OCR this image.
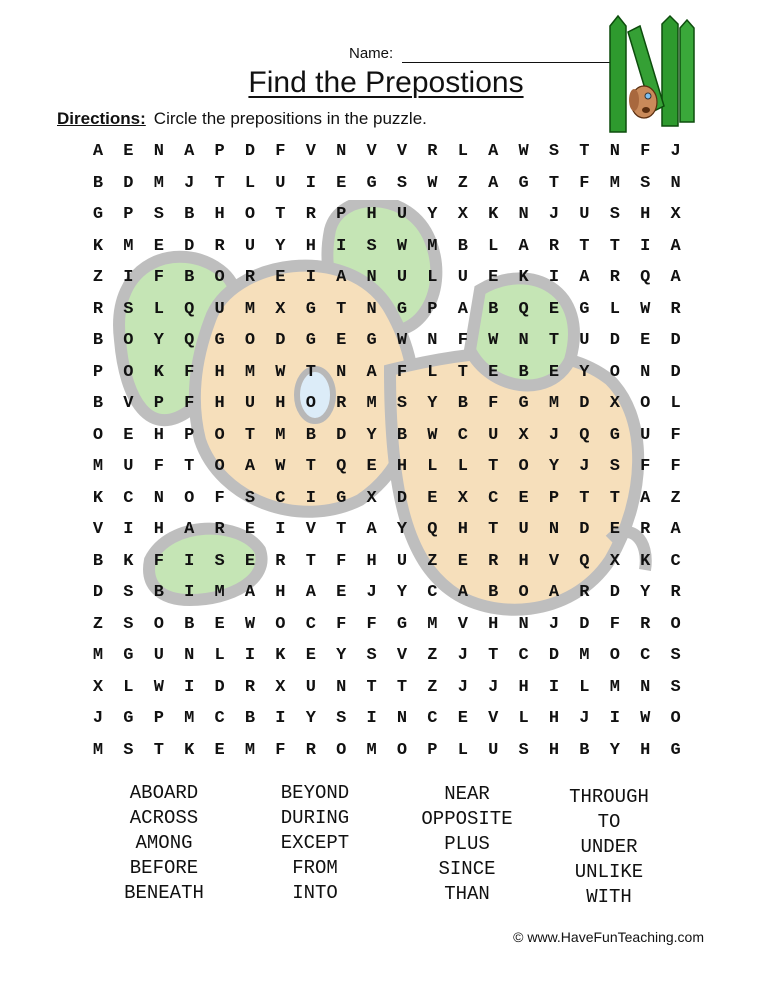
Name:
Find the Prepostions
Directions: Circle the prepositions in the puzzle.
A	E	N	A	P	D	F	V	N	V	V	R	L	A	W	S	T	N	F	J
B	D	M	J	T	L	U	I	E	G	S	W	Z	A	G	T	F	M	S	N
G	P	S	B	H	O	T	R	P	H	U	Y	X	K	N	J	U	S	H	X
K	M	E	D	R	U	Y	H	I	S	W	M	B	L	A	R	T	T	I	A
Z	I	F	B	O	R	E	I	A	N	U	L	U	E	K	I	A	R	Q	A
R	S	L	Q	U	M	X	G	T	N	G	P	A	B	Q	E	G	L	W	R
B	O	Y	Q	G	O	D	G	E	G	W	N	F	W	N	T	U	D	E	D
P	O	K	F	H	M	W	T	N	A	F	L	T	E	B	E	Y	O	N	D
B	V	P	F	H	U	H	O	R	M	S	Y	B	F	G	M	D	X	O	L
O	E	H	P	O	T	M	B	D	Y	B	W	C	U	X	J	Q	G	U	F
M	U	F	T	O	A	W	T	Q	E	H	L	L	T	O	Y	J	S	F	F
K	C	N	O	F	S	C	I	G	X	D	E	X	C	E	P	T	T	A	Z
V	I	H	A	R	E	I	V	T	A	Y	Q	H	T	U	N	D	E	R	A
B	K	F	I	S	E	R	T	F	H	U	Z	E	R	H	V	Q	X	K	C
D	S	B	I	M	A	H	A	E	J	Y	C	A	B	O	A	R	D	Y	R
Z	S	O	B	E	W	O	C	F	F	G	M	V	H	N	J	D	F	R	O
M	G	U	N	L	I	K	E	Y	S	V	Z	J	T	C	D	M	O	C	S
X	L	W	I	D	R	X	U	N	T	T	Z	J	J	H	I	L	M	N	S
J	G	P	M	C	B	I	Y	S	I	N	C	E	V	L	H	J	I	W	O
M	S	T	K	E	M	F	R	O	M	O	P	L	U	S	H	B	Y	H	G
ABOARD
ACROSS
AMONG
BEFORE
BENEATH
BEYOND
DURING
EXCEPT
FROM
INTO
NEAR
OPPOSITE
PLUS
SINCE
THAN
THROUGH
TO
UNDER
UNLIKE
WITH
© www.HaveFunTeaching.com
